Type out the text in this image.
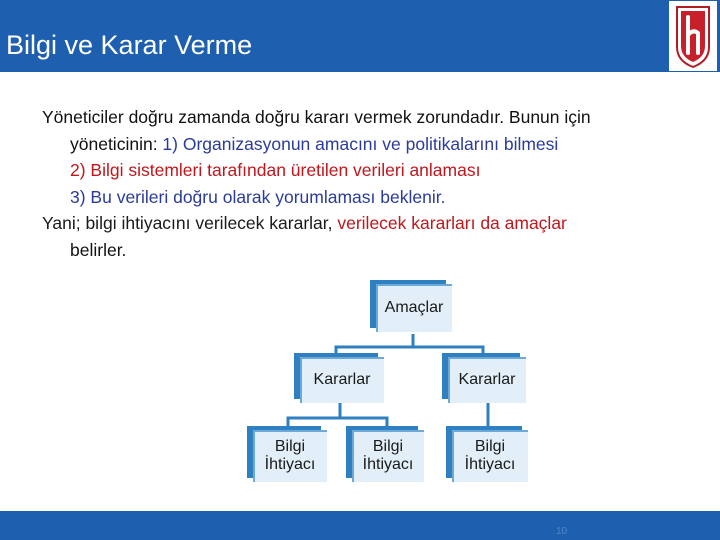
Bilgi ve Karar Verme
Yöneticiler doğru zamanda doğru kararı vermek zorundadır. Bunun için
yöneticinin: 1) Organizasyonun amacını ve politikalarını bilmesi
2) Bilgi sistemleri tarafından üretilen verileri anlaması
3) Bu verileri doğru olarak yorumlaması beklenir.
Yani; bilgi ihtiyacını verilecek kararlar, verilecek kararları da amaçlar
belirler.
Amaçlar
Kararlar	Kararlar
Bilgi
İhtiyacı
Bilgi
İhtiyacı
Bilgi
İhtiyacı
10
